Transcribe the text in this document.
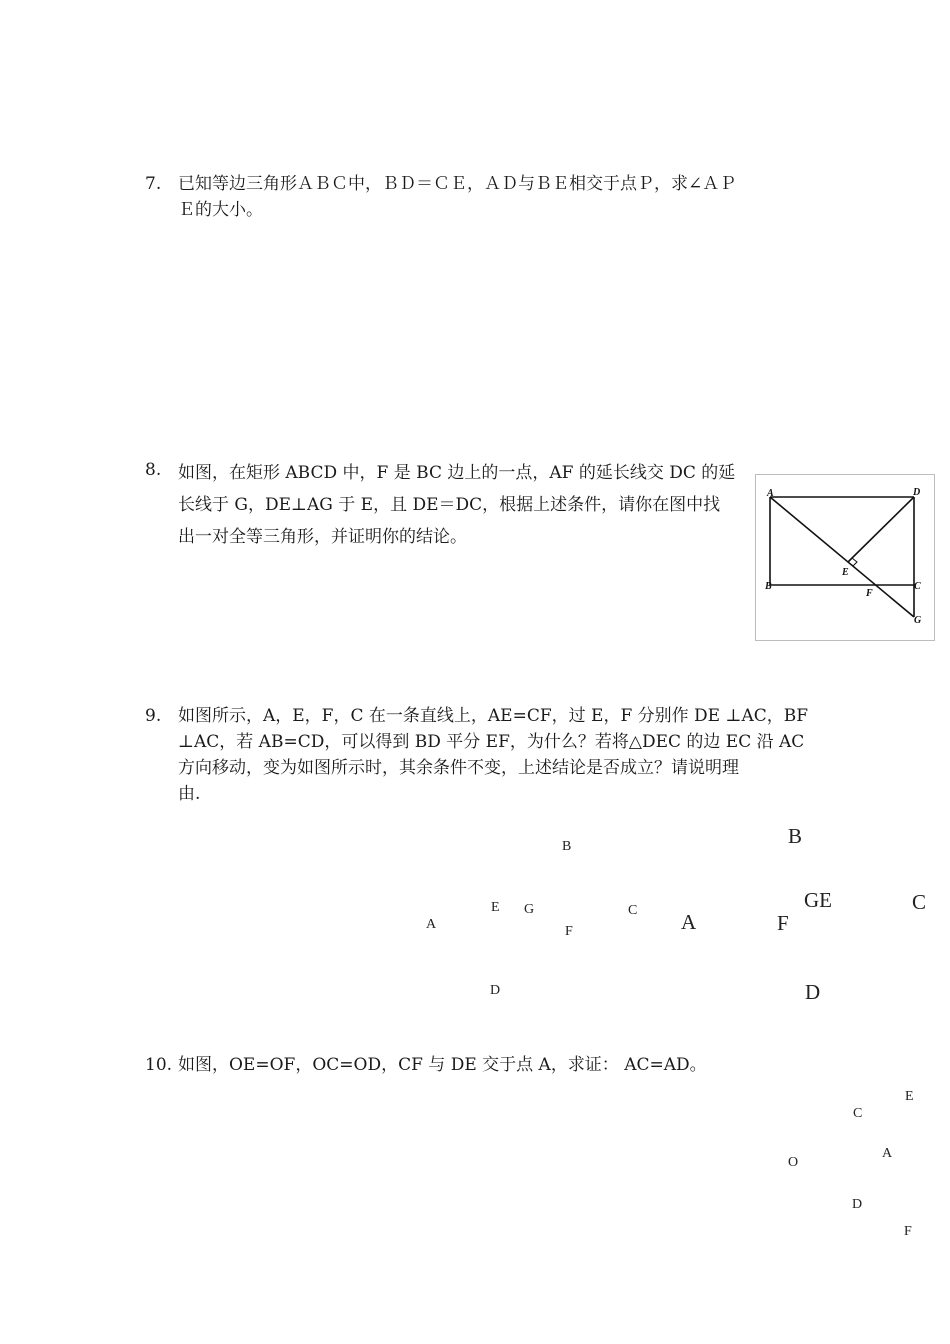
7. 已知等边三角形ＡＢＣ中，ＢＤ＝ＣＥ，ＡＤ与ＢＥ相交于点Ｐ，求∠ＡＰ
Ｅ的大小。
8. 如图，在矩形 ABCD 中，F 是 BC 边上的一点，AF 的延长线交 DC 的延
长线于 G，DE⊥AG 于 E，且 DE＝DC，根据上述条件，请你在图中找
出一对全等三角形，并证明你的结论。
A	D
E
B
F
C
G
9. 如图所示，A，E，F，C 在一条直线上，AE=CF，过 E，F 分别作 DE ⊥AC，BF
⊥AC，若 AB=CD，可以得到 BD 平分 EF，为什么？若将△DEC 的边 EC 沿 AC
方向移动，变为如图所示时，其余条件不变，上述结论是否成立？请说明理
由.
B
E G	C
A	F
D
B
GE	C
A	F
D
10. 如图，OE=OF，OC=OD，CF 与 DE 交于点 A，求证： AC=AD。
E
C
A
O
D
F
